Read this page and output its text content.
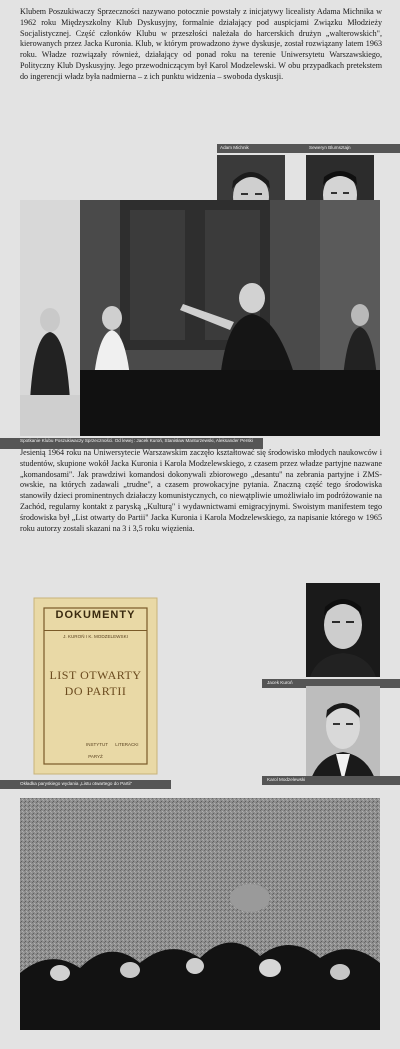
Klubem Poszukiwaczy Sprzeczności nazywano potocznie powstały z inicjatywy licealisty Adama Michnika w 1962 roku Międzyszkolny Klub Dyskusyjny, formalnie działający pod auspicjami Związku Młodzieży Socjalistycznej. Część członków Klubu w przeszłości należała do harcerskich drużyn „walterowskich", kierowanych przez Jacka Kuronia. Klub, w którym prowadzono żywe dyskusje, został rozwiązany latem 1963 roku. Władze rozwiązały również, działający od ponad roku na terenie Uniwersytetu Warszawskiego, Polityczny Klub Dyskusyjny. Jego przewodniczącym był Karol Modzelewski. W obu przypadkach pretekstem do ingerencji władz była nadmierna – z ich punktu widzenia – swoboda dyskusji.

Adam Michnik	Seweryn Blumsztajn
Spotkanie Klubu Poszukiwaczy Sprzeczności. Od lewej : Jacek Kuroń, Stanisław Manturzewski, Aleksander Perski

Jesienią 1964 roku na Uniwersytecie Warszawskim zaczęło kształtować się środowisko młodych naukowców i studentów, skupione wokół Jacka Kuronia i Karola Modzelewskiego, z czasem przez władze partyjne nazwane „komandosami". Jak prawdziwi komandosi dokonywali zbiorowego „desantu" na zebrania partyjne i ZMS-owskie, na których zadawali „trudne", a czasem prowokacyjne pytania. Znaczną część tego środowiska stanowiły dzieci prominentnych działaczy komunistycznych, co niewątpliwie umożliwiało im podróżowanie na Zachód, regularny kontakt z paryską „Kulturą" i wydawnictwami emigracyjnymi. Swoistym manifestem tego środowiska był „List otwarty do Partii" Jacka Kuronia i Karola Modzelewskiego, za napisanie którego w 1965 roku autorzy zostali skazani na 3 i 3,5 roku więzienia.

DOKUMENTY
J. KUROŃ I K. MODZELEWSKI
LIST OTWARTY
DO PARTII
INSTYTUT LITERACKI
PARYŻ
Okładka paryskiego wydania „Listu otwartego do Partii"
Jacek Kuroń
Karol Modzelewski
